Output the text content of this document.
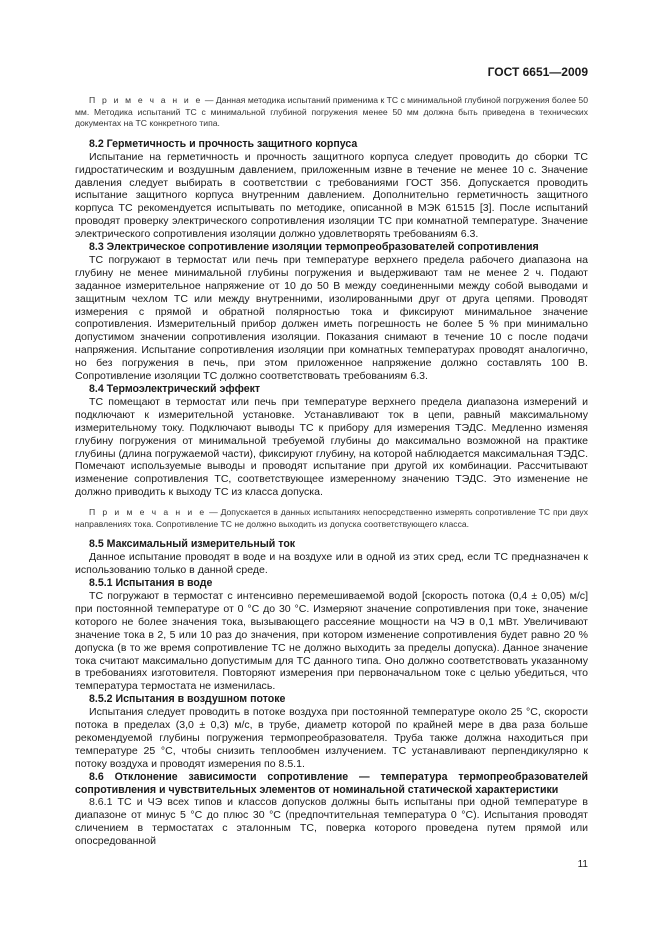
ГОСТ 6651—2009

П р и м е ч а н и е — Данная методика испытаний применима к ТС с минимальной глубиной погружения более 50 мм. Методика испытаний ТС с минимальной глубиной погружения менее 50 мм должна быть приведена в технических документах на ТС конкретного типа.

8.2 Герметичность и прочность защитного корпуса

Испытание на герметичность и прочность защитного корпуса следует проводить до сборки ТС гидростатическим и воздушным давлением, приложенным извне в течение не менее 10 с. Значение давления следует выбирать в соответствии с требованиями ГОСТ 356. Допускается проводить испытание защитного корпуса внутренним давлением. Дополнительно герметичность защитного корпуса ТС рекомендуется испытывать по методике, описанной в МЭК 61515 [3]. После испытаний проводят проверку электрического сопротивления изоляции ТС при комнатной температуре. Значение электрического сопротивления изоляции должно удовлетворять требованиям 6.3.

8.3 Электрическое сопротивление изоляции термопреобразователей сопротивления

ТС погружают в термостат или печь при температуре верхнего предела рабочего диапазона на глубину не менее минимальной глубины погружения и выдерживают там не менее 2 ч. Подают заданное измерительное напряжение от 10 до 50 В между соединенными между собой выводами и защитным чехлом ТС или между внутренними, изолированными друг от друга цепями. Проводят измерения с прямой и обратной полярностью тока и фиксируют минимальное значение сопротивления. Измерительный прибор должен иметь погрешность не более 5 % при минимально допустимом значении сопротивления изоляции. Показания снимают в течение 10 с после подачи напряжения. Испытание сопротивления изоляции при комнатных температурах проводят аналогично, но без погружения в печь, при этом приложенное напряжение должно составлять 100 В. Сопротивление изоляции ТС должно соответствовать требованиям 6.3.

8.4 Термоэлектрический эффект

ТС помещают в термостат или печь при температуре верхнего предела диапазона измерений и подключают к измерительной установке. Устанавливают ток в цепи, равный максимальному измерительному току. Подключают выводы ТС к прибору для измерения ТЭДС. Медленно изменяя глубину погружения от минимальной требуемой глубины до максимально возможной на практике глубины (длина погружаемой части), фиксируют глубину, на которой наблюдается максимальная ТЭДС. Помечают используемые выводы и проводят испытание при другой их комбинации. Рассчитывают изменение сопротивления ТС, соответствующее измеренному значению ТЭДС. Это изменение не должно приводить к выходу ТС из класса допуска.

П р и м е ч а н и е — Допускается в данных испытаниях непосредственно измерять сопротивление ТС при двух направлениях тока. Сопротивление ТС не должно выходить из допуска соответствующего класса.

8.5 Максимальный измерительный ток

Данное испытание проводят в воде и на воздухе или в одной из этих сред, если ТС предназначен к использованию только в данной среде.

8.5.1 Испытания в воде

ТС погружают в термостат с интенсивно перемешиваемой водой [скорость потока (0,4 ± 0,05) м/с] при постоянной температуре от 0 °С до 30 °С. Измеряют значение сопротивления при токе, значение которого не более значения тока, вызывающего рассеяние мощности на ЧЭ в 0,1 мВт. Увеличивают значение тока в 2, 5 или 10 раз до значения, при котором изменение сопротивления будет равно 20 % допуска (в то же время сопротивление ТС не должно выходить за пределы допуска). Данное значение тока считают максимально допустимым для ТС данного типа. Оно должно соответствовать указанному в требованиях изготовителя. Повторяют измерения при первоначальном токе с целью убедиться, что температура термостата не изменилась.

8.5.2 Испытания в воздушном потоке

Испытания следует проводить в потоке воздуха при постоянной температуре около 25 °С, скорости потока в пределах (3,0 ± 0,3) м/с, в трубе, диаметр которой по крайней мере в два раза больше рекомендуемой глубины погружения термопреобразователя. Труба также должна находиться при температуре 25 °С, чтобы снизить теплообмен излучением. ТС устанавливают перпендикулярно к потоку воздуха и проводят измерения по 8.5.1.

8.6 Отклонение зависимости сопротивление — температура термопреобразователей сопротивления и чувствительных элементов от номинальной статической характеристики

8.6.1 ТС и ЧЭ всех типов и классов допусков должны быть испытаны при одной температуре в диапазоне от минус 5 °С до плюс 30 °С (предпочтительная температура 0 °С). Испытания проводят сличением в термостатах с эталонным ТС, поверка которого проведена путем прямой или опосредованной

11
